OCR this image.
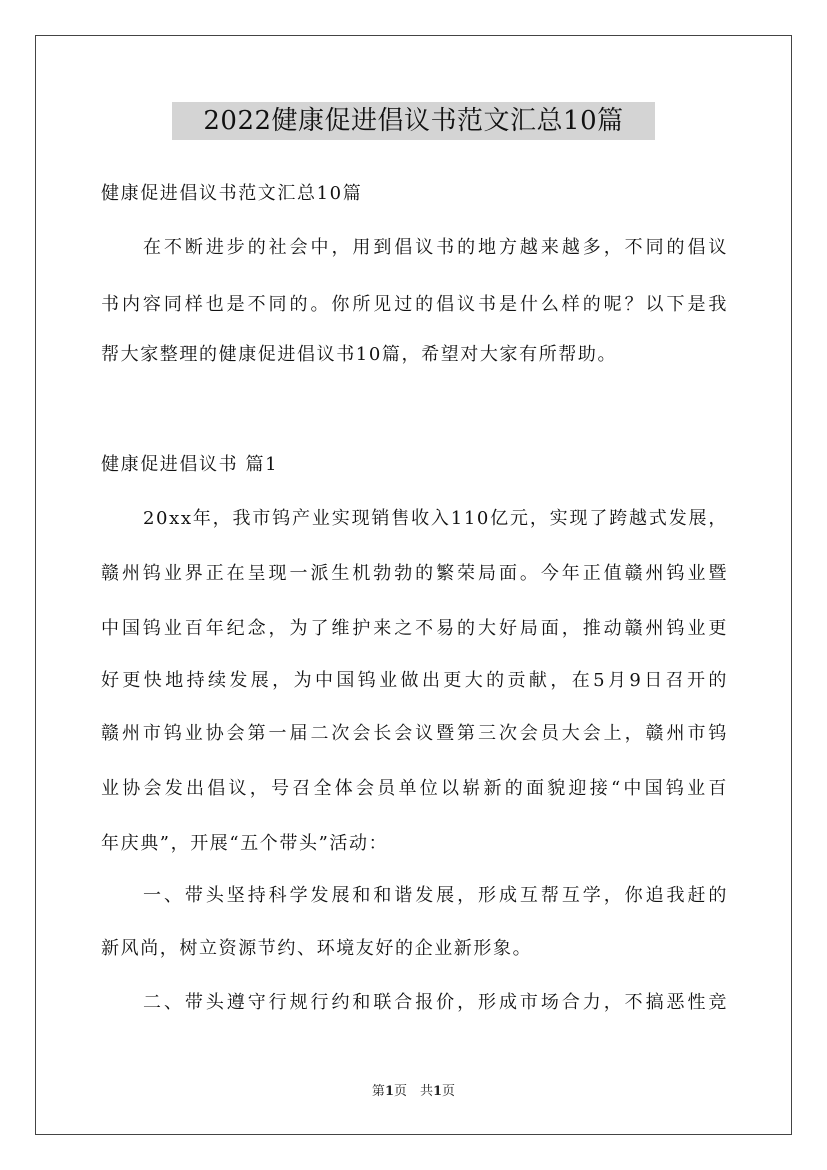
2022健康促进倡议书范文汇总10篇
健康促进倡议书范文汇总10篇
在不断进步的社会中，用到倡议书的地方越来越多，不同的倡议
书内容同样也是不同的。你所见过的倡议书是什么样的呢？以下是我
帮大家整理的健康促进倡议书10篇，希望对大家有所帮助。
健康促进倡议书 篇1
20xx年，我市钨产业实现销售收入110亿元，实现了跨越式发展，
赣州钨业界正在呈现一派生机勃勃的繁荣局面。今年正值赣州钨业暨
中国钨业百年纪念，为了维护来之不易的大好局面，推动赣州钨业更
好更快地持续发展，为中国钨业做出更大的贡献，在5月9日召开的
赣州市钨业协会第一届二次会长会议暨第三次会员大会上，赣州市钨
业协会发出倡议，号召全体会员单位以崭新的面貌迎接“中国钨业百
年庆典”，开展“五个带头”活动：
一、带头坚持科学发展和和谐发展，形成互帮互学，你追我赶的
新风尚，树立资源节约、环境友好的企业新形象。
二、带头遵守行规行约和联合报价，形成市场合力，不搞恶性竞
第1页　共1页
